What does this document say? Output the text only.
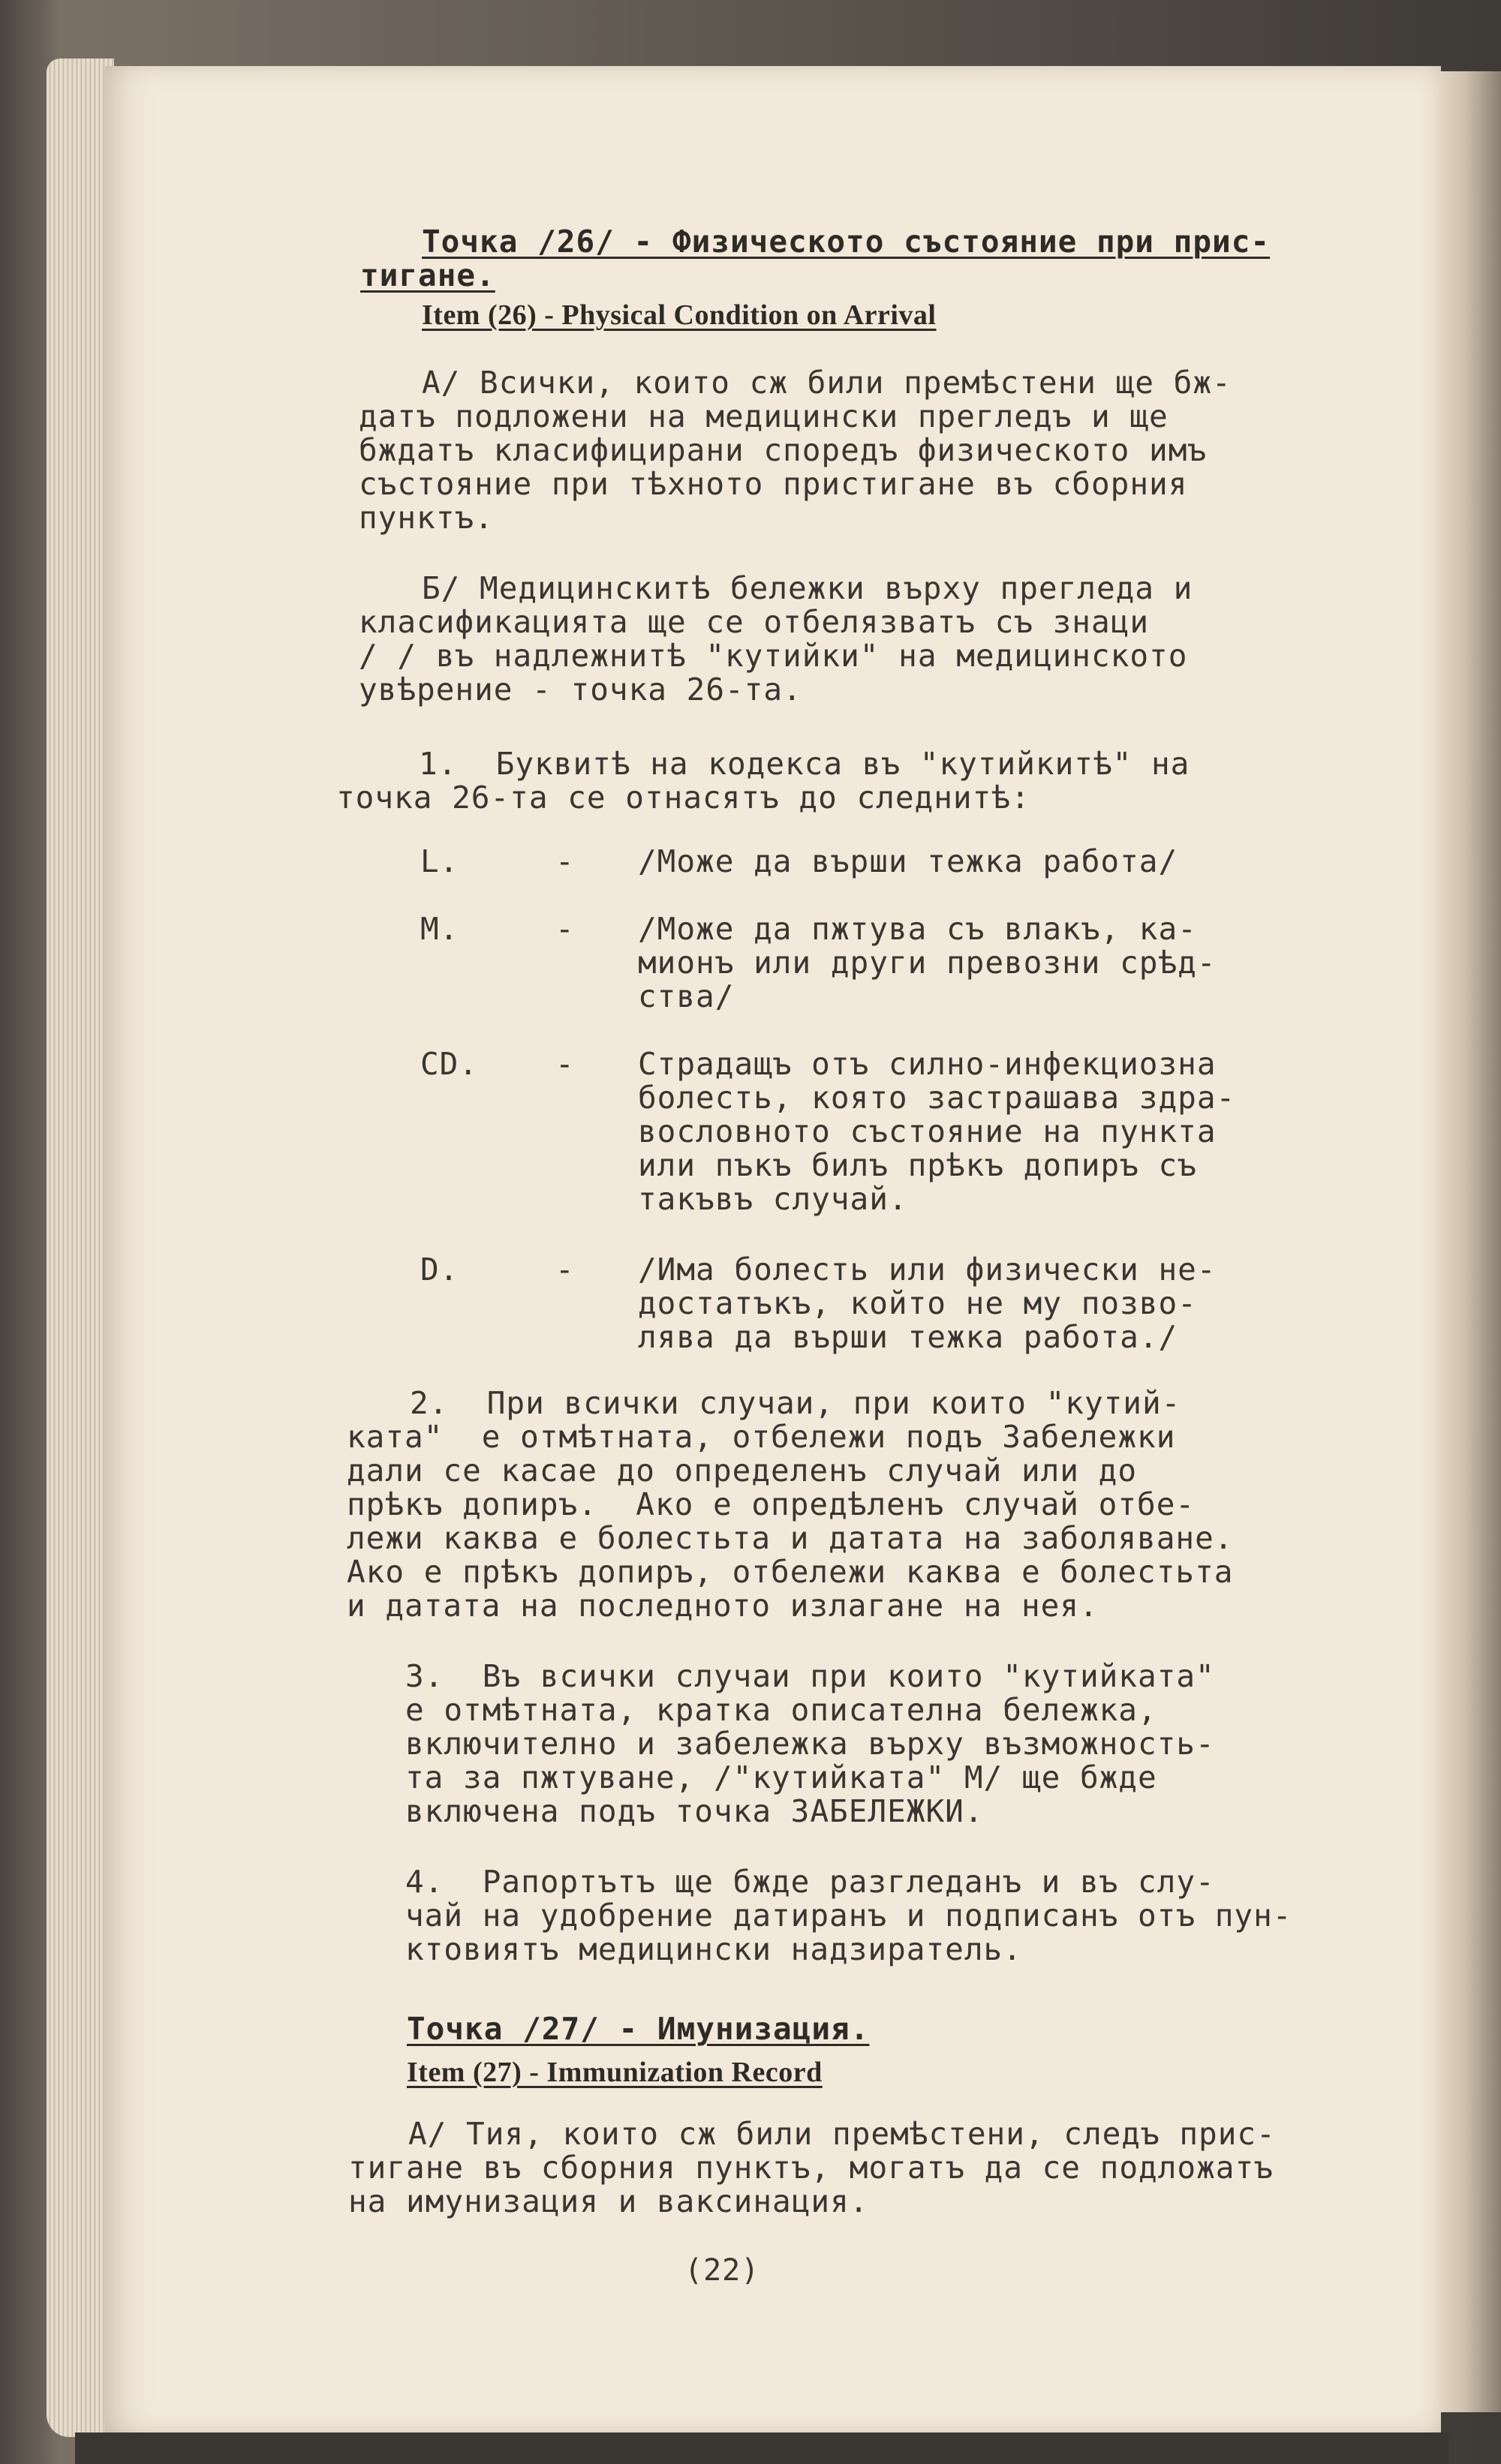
Точка /26/ - Физическото състояние при прис-
тигане.
Item (26) - Physical Condition on Arrival
А/ Всички, които сж били премѣстени ще бж-
датъ подложени на медицински прегледъ и ще
бждатъ класифицирани споредъ физическото имъ
състояние при тѣхното пристигане въ сборния
пунктъ.
Б/ Медицинскитѣ бележки върху прегледа и
класификацията ще се отбелязватъ съ знаци
/ / въ надлежнитѣ "кутийки" на медицинското
увѣрение - точка 26-та.
1.  Буквитѣ на кодекса въ "кутийкитѣ" на
точка 26-та се отнасятъ до следнитѣ:
L.	- /Може да върши тежка работа/
M.	- /Може да пжтува съ влакъ, ка-
мионъ или други превозни срѣд-
ства/
CD.	- Страдащъ отъ силно-инфекциозна
болесть, която застрашава здра-
вословното състояние на пункта
или пъкъ билъ прѣкъ допиръ съ
такъвъ случай.
D.	- /Има болесть или физически не-
достатъкъ, който не му позво-
лява да върши тежка работа./
2.  При всички случаи, при които "кутий-
ката"  е отмѣтната, отбележи подъ Забележки
дали се касае до определенъ случай или до
прѣкъ допиръ.  Ако е опредѣленъ случай отбе-
лежи каква е болестьта и датата на заболяване.
Ако е прѣкъ допиръ, отбележи каква е болестьта
и датата на последното излагане на нея.
3.  Въ всички случаи при които "кутийката"
е отмѣтната, кратка описателна бележка,
включително и забележка върху възможность-
та за пжтуване, /"кутийката" М/ ще бжде
включена подъ точка ЗАБЕЛЕЖКИ.
4.  Рапортътъ ще бжде разгледанъ и въ слу-
чай на удобрение датиранъ и подписанъ отъ пун-
ктовиятъ медицински надзиратель.
Точка /27/ - Имунизация.
Item (27) - Immunization Record
А/ Тия, които сж били премѣстени, следъ прис-
тигане въ сборния пунктъ, могатъ да се подложатъ
на имунизация и ваксинация.
(22)
